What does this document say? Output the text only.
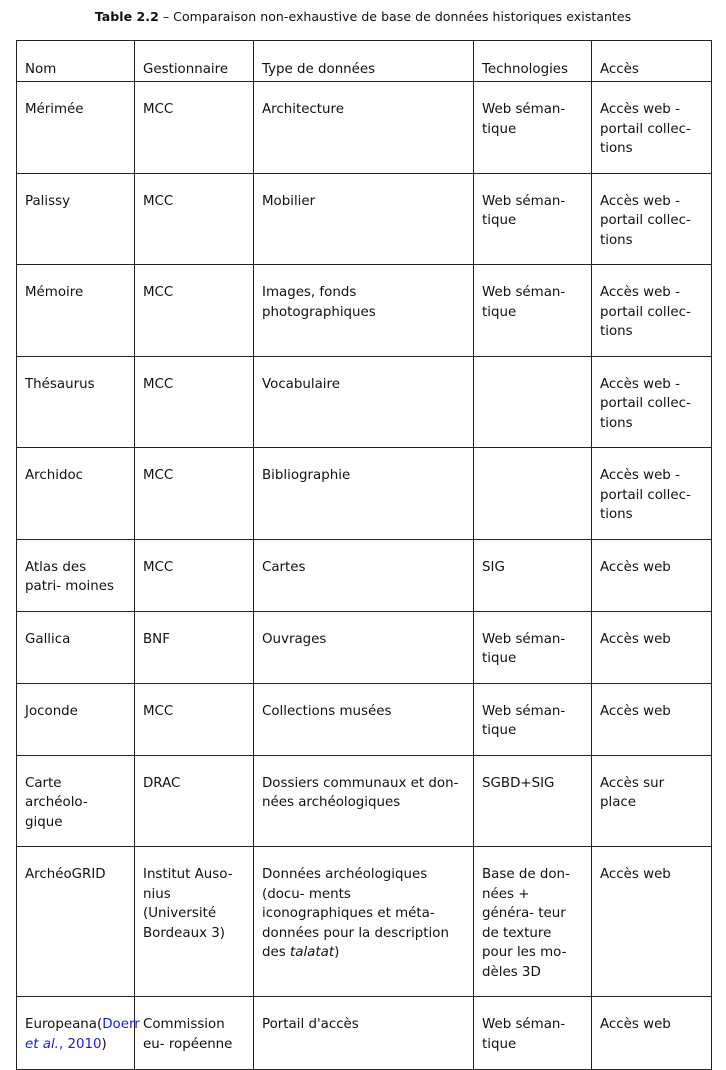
Table 2.2 – Comparaison non-exhaustive de base de données historiques existantes
Nom	Gestionnaire	Type de données	Technologies	Accès
Mérimée	MCC	Architecture	Web séman- tique	Accès web - portail collec- tions
Palissy	MCC	Mobilier	Web séman- tique	Accès web - portail collec- tions
Mémoire	MCC	Images, fonds photographiques	Web séman- tique	Accès web - portail collec- tions
Thésaurus	MCC	Vocabulaire		Accès web - portail collec- tions
Archidoc	MCC	Bibliographie		Accès web - portail collec- tions
Atlas des patri- moines	MCC	Cartes	SIG	Accès web
Gallica	BNF	Ouvrages	Web séman- tique	Accès web
Joconde	MCC	Collections musées	Web séman- tique	Accès web
Carte archéolo- gique	DRAC	Dossiers communaux et don- nées archéologiques	SGBD+SIG	Accès sur place
ArchéoGRID	Institut Auso- nius (Université Bordeaux 3)	Données archéologiques (docu- ments iconographiques et méta- données pour la description des talatat)	Base de don- nées + généra- teur de texture pour les mo- dèles 3D	Accès web
Europeana(Doerr et al., 2010)	Commission eu- ropéenne	Portail d'accès	Web séman- tique	Accès web
